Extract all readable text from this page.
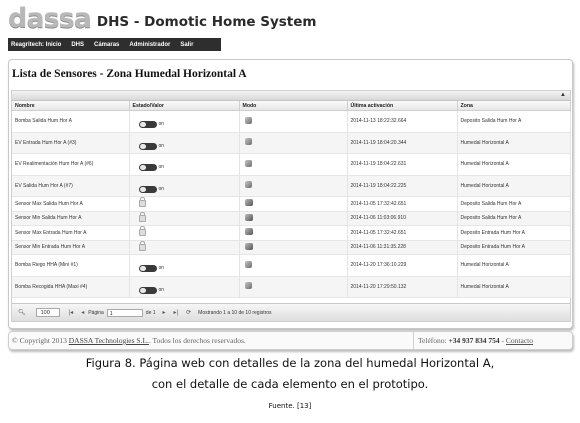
dassa DHS - Domotic Home System
Reagritech: Inicio	DHS	Cámaras	Administrador	Salir
Lista de Sensores - Zona Humedal Horizontal A
▲
Nombre	Estado/Valor	Modo	Última activación	Zona
Bomba Salida Hum Hor A	on		2014-11-13 18:22:32.664	Deposito Salida Hum Hor A
EV Entrada Hum Hor A (#3)	on		2014-11-19 18:04:20.344	Humedal Horizontal A
EV Realimentación Hum Hor A (#6)	on		2014-11-19 18:04:22.631	Humedal Horizontal A
EV Salida Hum Hor A (#7)	on		2014-11-19 18:04:22.225	Humedal Horizontal A
Sensor Max Salida Hum Hor A			2014-11-05 17:32:42.651	Deposito Salida Hum Hor A
Sensor Min Salida Hum Hor A			2014-11-06 11:03:06.910	Deposito Salida Hum Hor A
Sensor Max Entrada Hum Hor A			2014-11-05 17:32:42.651	Deposito Entrada Hum Hor A
Sensor Min Entrada Hum Hor A			2014-11-06 11:31:35.228	Deposito Entrada Hum Hor A
Bomba Riego HHA (Mini #1)	on		2014-11-20 17:36:10.229	Humedal Horizontal A
Bomba Recogida HHA (Maxi #4)	on		2014-11-20 17:29:50.132	Humedal Horizontal A
🔍︎	100	|◂ ◂ Página	1	de 1 ▸ ▸| ⟳ Mostrando 1 a 10 de 10 registros
© Copyright 2013 DASSA Technologies S.L.. Todos los derechos reservados.	Teléfono: +34 937 834 754 - Contacto
Figura 8. Página web con detalles de la zona del humedal Horizontal A,
con el detalle de cada elemento en el prototipo.
Fuente. [13]
